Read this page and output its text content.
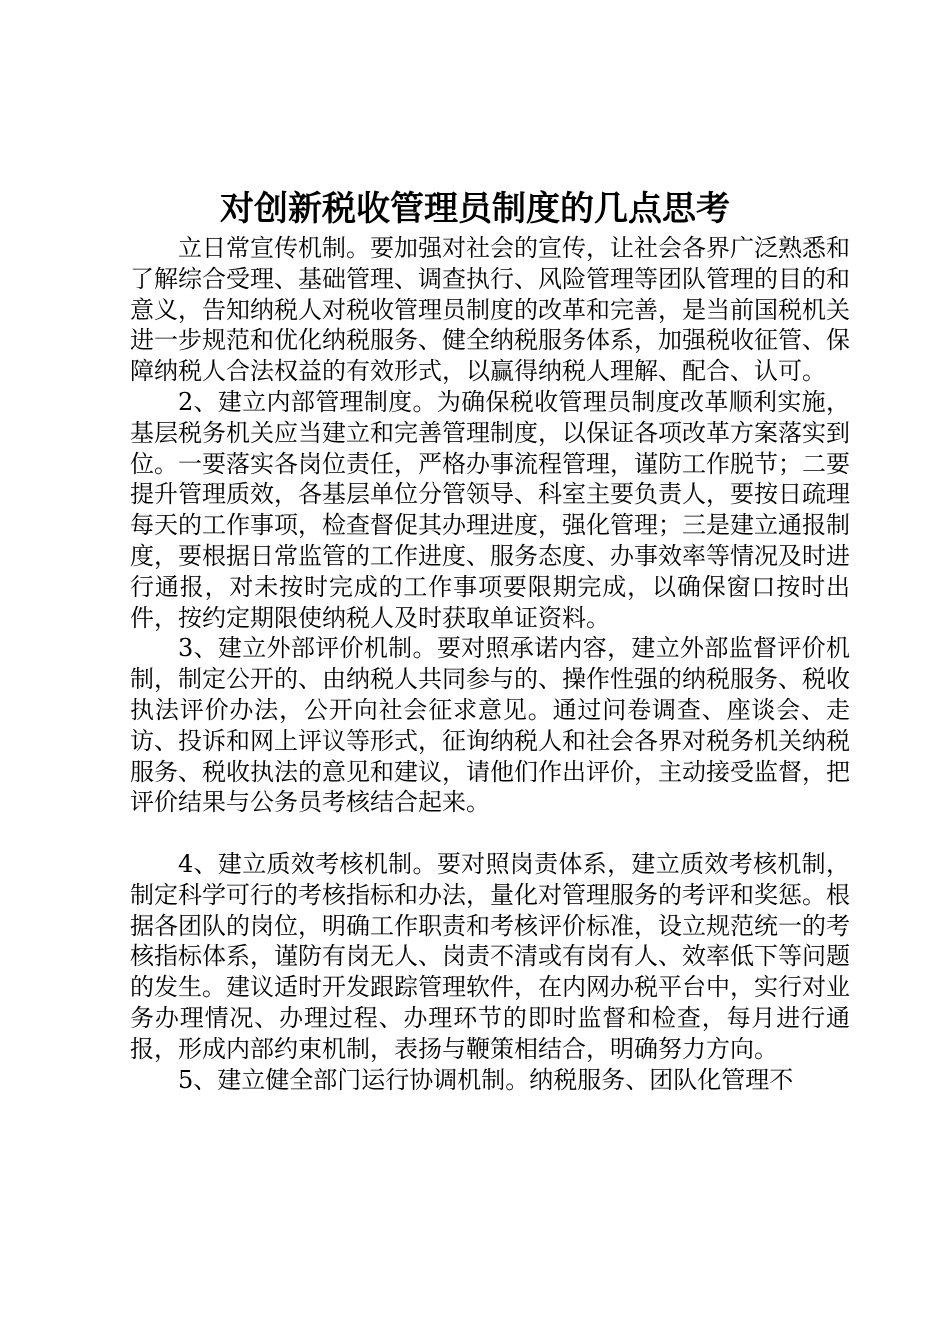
对创新税收管理员制度的几点思考

立日常宣传机制。要加强对社会的宣传，让社会各界广泛熟悉和了解综合受理、基础管理、调查执行、风险管理等团队管理的目的和意义，告知纳税人对税收管理员制度的改革和完善，是当前国税机关进一步规范和优化纳税服务、健全纳税服务体系，加强税收征管、保障纳税人合法权益的有效形式，以赢得纳税人理解、配合、认可。

2、建立内部管理制度。为确保税收管理员制度改革顺利实施，基层税务机关应当建立和完善管理制度，以保证各项改革方案落实到位。一要落实各岗位责任，严格办事流程管理，谨防工作脱节；二要提升管理质效，各基层单位分管领导、科室主要负责人，要按日疏理每天的工作事项，检查督促其办理进度，强化管理；三是建立通报制度，要根据日常监管的工作进度、服务态度、办事效率等情况及时进行通报，对未按时完成的工作事项要限期完成，以确保窗口按时出件，按约定期限使纳税人及时获取单证资料。

3、建立外部评价机制。要对照承诺内容，建立外部监督评价机制，制定公开的、由纳税人共同参与的、操作性强的纳税服务、税收执法评价办法，公开向社会征求意见。通过问卷调查、座谈会、走访、投诉和网上评议等形式，征询纳税人和社会各界对税务机关纳税服务、税收执法的意见和建议，请他们作出评价，主动接受监督，把评价结果与公务员考核结合起来。

4、建立质效考核机制。要对照岗责体系，建立质效考核机制，制定科学可行的考核指标和办法，量化对管理服务的考评和奖惩。根据各团队的岗位，明确工作职责和考核评价标准，设立规范统一的考核指标体系，谨防有岗无人、岗责不清或有岗有人、效率低下等问题的发生。建议适时开发跟踪管理软件，在内网办税平台中，实行对业务办理情况、办理过程、办理环节的即时监督和检查，每月进行通报，形成内部约束机制，表扬与鞭策相结合，明确努力方向。

5、建立健全部门运行协调机制。纳税服务、团队化管理不
